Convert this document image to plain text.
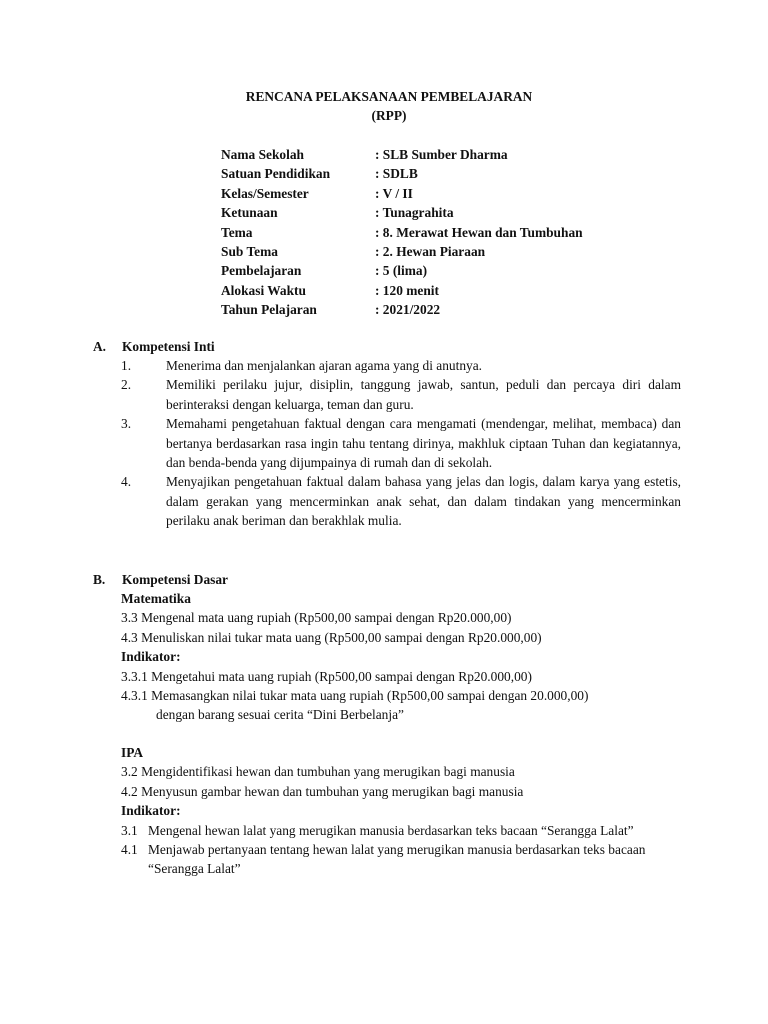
RENCANA PELAKSANAAN PEMBELAJARAN
(RPP)
Nama Sekolah	: SLB Sumber Dharma
Satuan Pendidikan	: SDLB
Kelas/Semester	: V / II
Ketunaan	: Tunagrahita
Tema	: 8. Merawat Hewan dan Tumbuhan
Sub Tema	: 2. Hewan Piaraan
Pembelajaran	: 5 (lima)
Alokasi Waktu	: 120 menit
Tahun Pelajaran	: 2021/2022
A. Kompetensi Inti
1.	Menerima dan menjalankan ajaran agama yang di anutnya.
2.	Memiliki perilaku jujur, disiplin, tanggung jawab, santun, peduli dan percaya diri dalam berinteraksi dengan keluarga, teman dan guru.
3.	Memahami pengetahuan faktual dengan cara mengamati (mendengar, melihat, membaca) dan bertanya berdasarkan rasa ingin tahu tentang dirinya, makhluk ciptaan Tuhan dan kegiatannya, dan benda-benda yang dijumpainya di rumah dan di sekolah.
4.	Menyajikan pengetahuan faktual dalam bahasa yang jelas dan logis, dalam karya yang estetis, dalam gerakan yang mencerminkan anak sehat, dan dalam tindakan yang mencerminkan perilaku anak beriman dan berakhlak mulia.
B. Kompetensi Dasar
Matematika
3.3 Mengenal mata uang rupiah (Rp500,00 sampai dengan Rp20.000,00)
4.3 Menuliskan nilai tukar mata uang (Rp500,00 sampai dengan Rp20.000,00)
Indikator:
3.3.1 Mengetahui mata uang rupiah (Rp500,00 sampai dengan Rp20.000,00)
4.3.1 Memasangkan nilai tukar mata uang rupiah (Rp500,00 sampai dengan 20.000,00)
dengan barang sesuai cerita “Dini Berbelanja”
IPA
3.2 Mengidentifikasi hewan dan tumbuhan yang merugikan bagi manusia
4.2 Menyusun gambar hewan dan tumbuhan yang merugikan bagi manusia
Indikator:
3.1 Mengenal hewan lalat yang merugikan manusia berdasarkan teks bacaan “Serangga Lalat”
4.1 Menjawab pertanyaan tentang hewan lalat yang merugikan manusia berdasarkan teks bacaan “Serangga Lalat”
